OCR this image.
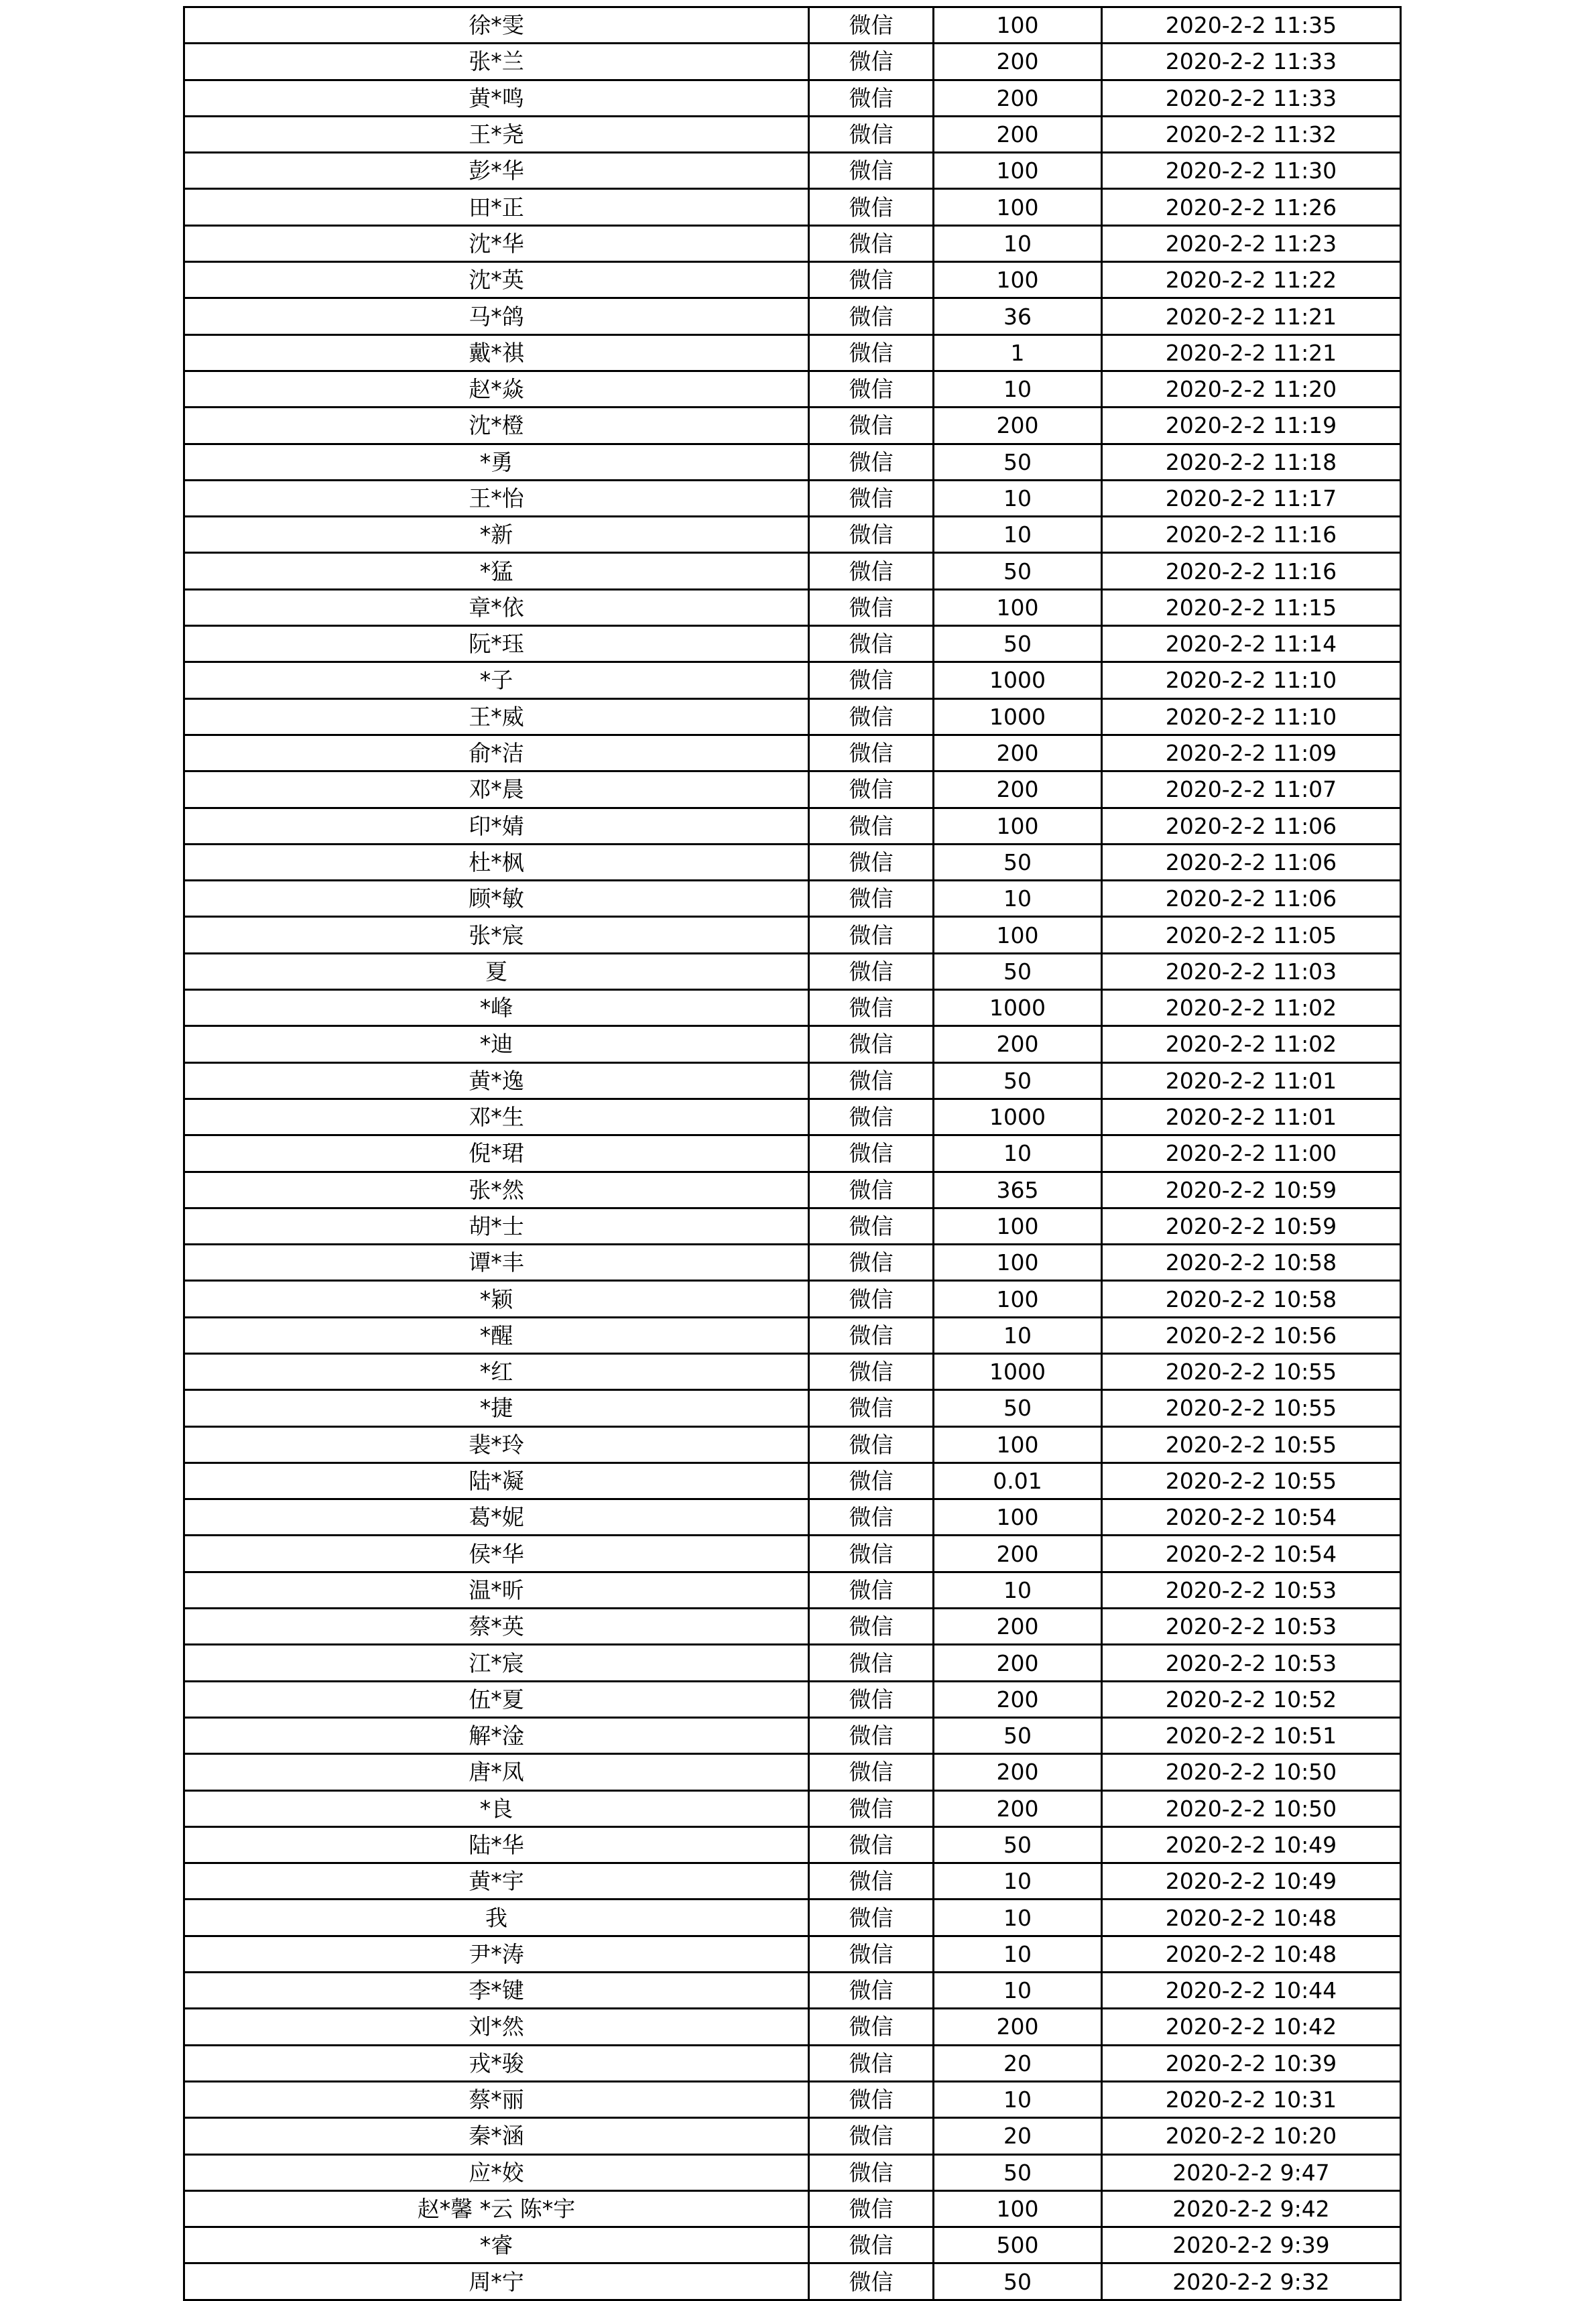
徐*雯	微信	100	2020-2-2 11:35
张*兰	微信	200	2020-2-2 11:33
黄*鸣	微信	200	2020-2-2 11:33
王*尧	微信	200	2020-2-2 11:32
彭*华	微信	100	2020-2-2 11:30
田*正	微信	100	2020-2-2 11:26
沈*华	微信	10	2020-2-2 11:23
沈*英	微信	100	2020-2-2 11:22
马*鸽	微信	36	2020-2-2 11:21
戴*祺	微信	1	2020-2-2 11:21
赵*焱	微信	10	2020-2-2 11:20
沈*橙	微信	200	2020-2-2 11:19
*勇	微信	50	2020-2-2 11:18
王*怡	微信	10	2020-2-2 11:17
*新	微信	10	2020-2-2 11:16
*猛	微信	50	2020-2-2 11:16
章*依	微信	100	2020-2-2 11:15
阮*珏	微信	50	2020-2-2 11:14
*子	微信	1000	2020-2-2 11:10
王*威	微信	1000	2020-2-2 11:10
俞*洁	微信	200	2020-2-2 11:09
邓*晨	微信	200	2020-2-2 11:07
印*婧	微信	100	2020-2-2 11:06
杜*枫	微信	50	2020-2-2 11:06
顾*敏	微信	10	2020-2-2 11:06
张*宸	微信	100	2020-2-2 11:05
夏	微信	50	2020-2-2 11:03
*峰	微信	1000	2020-2-2 11:02
*迪	微信	200	2020-2-2 11:02
黄*逸	微信	50	2020-2-2 11:01
邓*生	微信	1000	2020-2-2 11:01
倪*珺	微信	10	2020-2-2 11:00
张*然	微信	365	2020-2-2 10:59
胡*士	微信	100	2020-2-2 10:59
谭*丰	微信	100	2020-2-2 10:58
*颖	微信	100	2020-2-2 10:58
*醒	微信	10	2020-2-2 10:56
*红	微信	1000	2020-2-2 10:55
*捷	微信	50	2020-2-2 10:55
裴*玲	微信	100	2020-2-2 10:55
陆*凝	微信	0.01	2020-2-2 10:55
葛*妮	微信	100	2020-2-2 10:54
侯*华	微信	200	2020-2-2 10:54
温*昕	微信	10	2020-2-2 10:53
蔡*英	微信	200	2020-2-2 10:53
江*宸	微信	200	2020-2-2 10:53
伍*夏	微信	200	2020-2-2 10:52
解*淦	微信	50	2020-2-2 10:51
唐*凤	微信	200	2020-2-2 10:50
*良	微信	200	2020-2-2 10:50
陆*华	微信	50	2020-2-2 10:49
黄*宇	微信	10	2020-2-2 10:49
我	微信	10	2020-2-2 10:48
尹*涛	微信	10	2020-2-2 10:48
李*键	微信	10	2020-2-2 10:44
刘*然	微信	200	2020-2-2 10:42
戎*骏	微信	20	2020-2-2 10:39
蔡*丽	微信	10	2020-2-2 10:31
秦*涵	微信	20	2020-2-2 10:20
应*姣	微信	50	2020-2-2 9:47
赵*馨 *云 陈*宇	微信	100	2020-2-2 9:42
*睿	微信	500	2020-2-2 9:39
周*宁	微信	50	2020-2-2 9:32
